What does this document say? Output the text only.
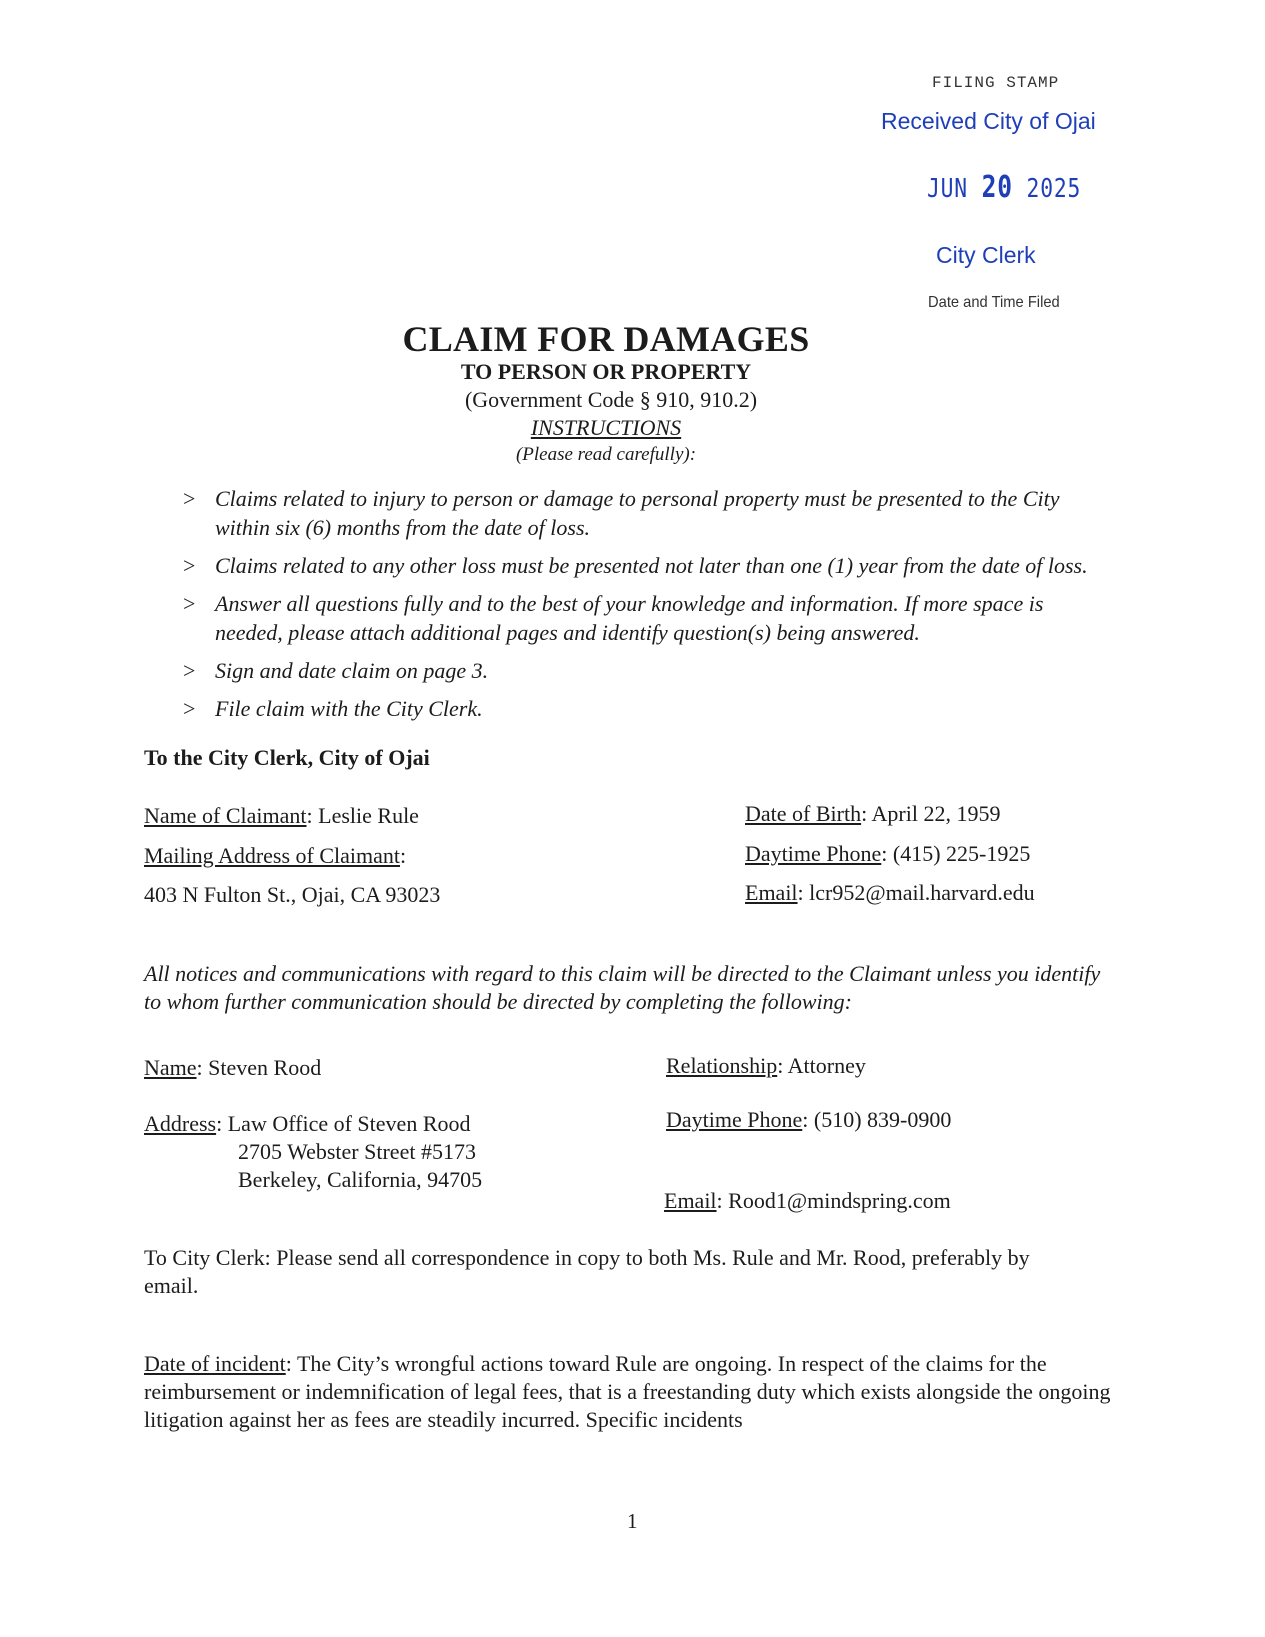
FILING STAMP
Received City of Ojai
JUN 20 2025
City Clerk
Date and Time Filed
CLAIM FOR DAMAGES
TO PERSON OR PROPERTY
(Government Code § 910, 910.2)
INSTRUCTIONS
(Please read carefully):
> Claims related to injury to person or damage to personal property must be presented to the City within six (6) months from the date of loss.
> Claims related to any other loss must be presented not later than one (1) year from the date of loss.
> Answer all questions fully and to the best of your knowledge and information. If more space is needed, please attach additional pages and identify question(s) being answered.
> Sign and date claim on page 3.
> File claim with the City Clerk.
To the City Clerk, City of Ojai
Name of Claimant: Leslie Rule
Mailing Address of Claimant:
403 N Fulton St., Ojai, CA 93023
Date of Birth: April 22, 1959
Daytime Phone: (415) 225-1925
Email: lcr952@mail.harvard.edu
All notices and communications with regard to this claim will be directed to the Claimant unless you identify to whom further communication should be directed by completing the following:
Name: Steven Rood
Address: Law Office of Steven Rood
2705 Webster Street #5173
Berkeley, California, 94705
Relationship: Attorney
Daytime Phone: (510) 839-0900
Email: Rood1@mindspring.com
To City Clerk: Please send all correspondence in copy to both Ms. Rule and Mr. Rood, preferably by email.
Date of incident: The City’s wrongful actions toward Rule are ongoing. In respect of the claims for the reimbursement or indemnification of legal fees, that is a freestanding duty which exists alongside the ongoing litigation against her as fees are steadily incurred. Specific incidents
1
